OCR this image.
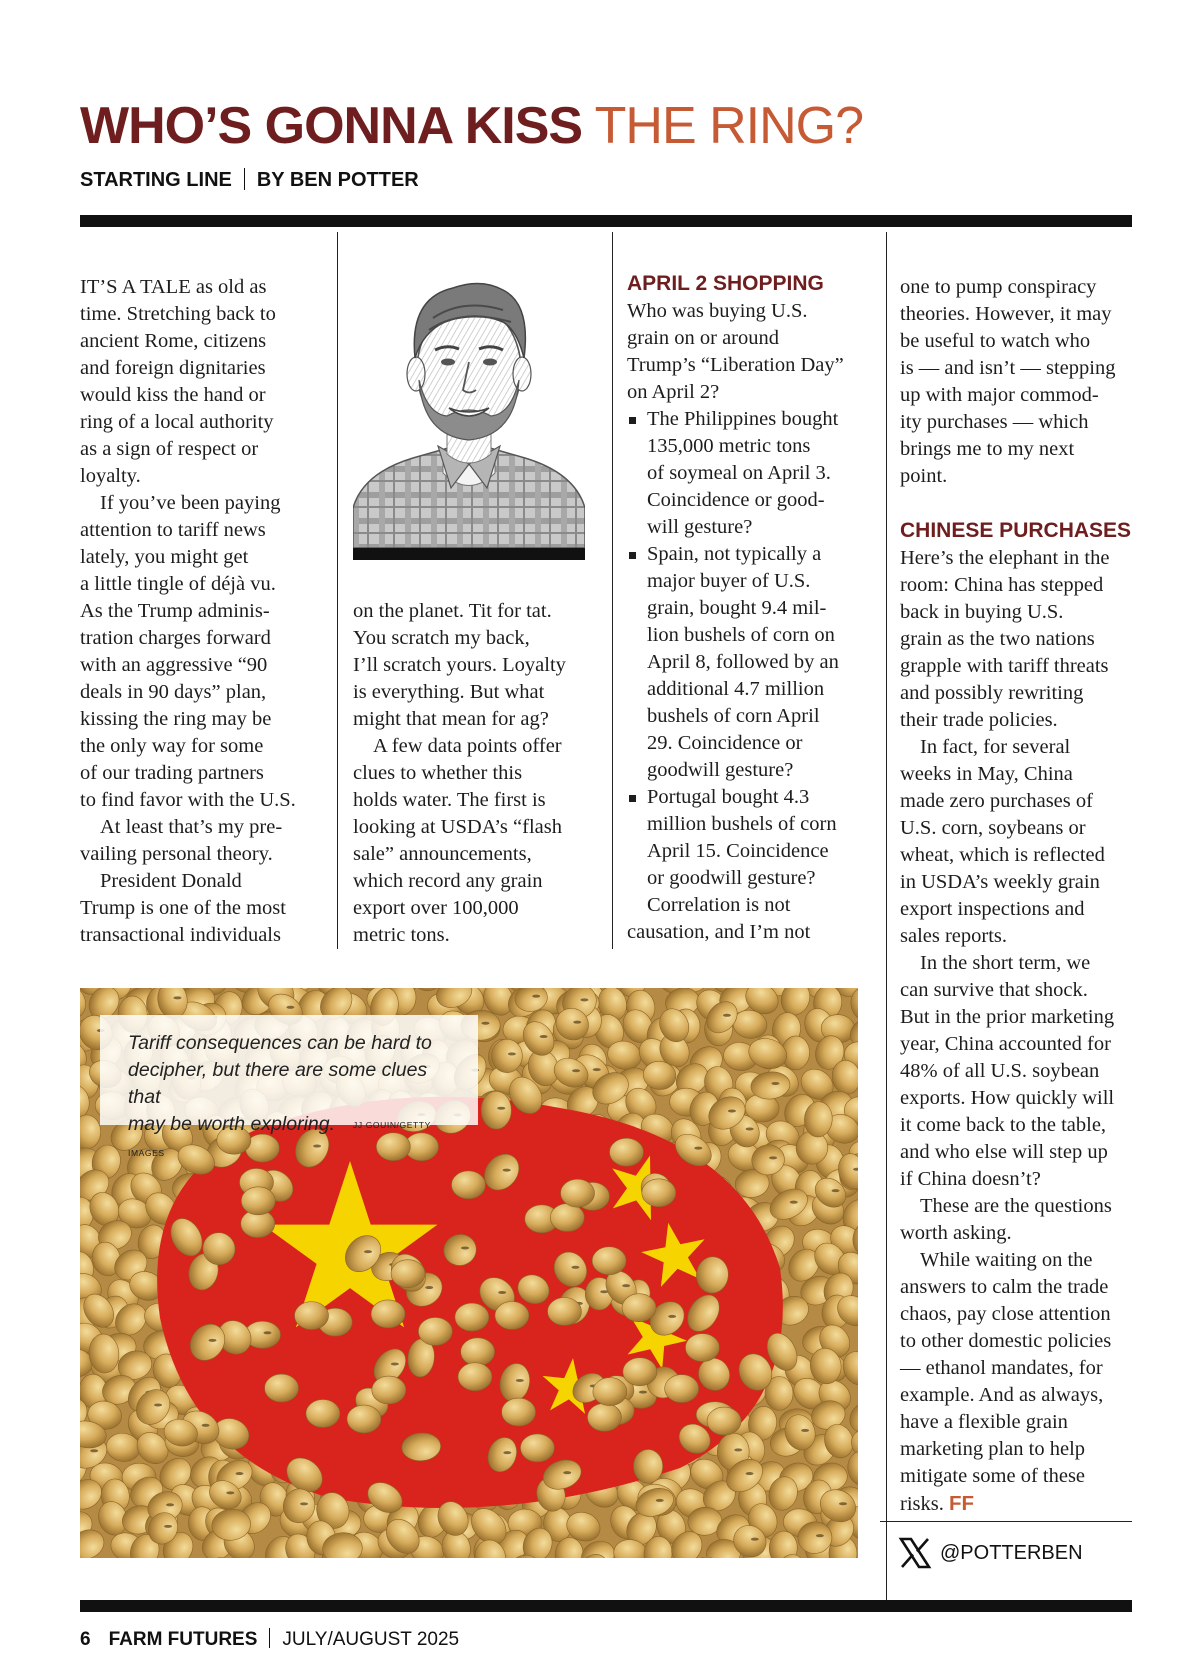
WHO’S GONNA KISS THE RING?
STARTING LINE BY BEN POTTER

IT’S A TALE as old as
time. Stretching back to
ancient Rome, citizens
and foreign dignitaries
would kiss the hand or
ring of a local authority
as a sign of respect or
loyalty.

If you’ve been paying
attention to tariff news
lately, you might get
a little tingle of déjà vu.
As the Trump adminis-
tration charges forward
with an aggressive “90
deals in 90 days” plan,
kissing the ring may be
the only way for some
of our trading partners
to find favor with the U.S.

At least that’s my pre-
vailing personal theory.

President Donald
Trump is one of the most
transactional individuals

on the planet. Tit for tat.
You scratch my back,
I’ll scratch yours. Loyalty
is everything. But what
might that mean for ag?

A few data points offer
clues to whether this
holds water. The first is
looking at USDA’s “flash
sale” announcements,
which record any grain
export over 100,000
metric tons.

APRIL 2 SHOPPING

Who was buying U.S.
grain on or around
Trump’s “Liberation Day”
on April 2?

The Philippines bought
135,000 metric tons
of soymeal on April 3.
Coincidence or good-
will gesture?
Spain, not typically a
major buyer of U.S.
grain, bought 9.4 mil-
lion bushels of corn on
April 8, followed by an
additional 4.7 million
bushels of corn April
29. Coincidence or
goodwill gesture?
Portugal bought 4.3
million bushels of corn
April 15. Coincidence
or goodwill gesture?

Correlation is not
causation, and I’m not

one to pump conspiracy
theories. However, it may
be useful to watch who
is — and isn’t — stepping
up with major commod-
ity purchases — which
brings me to my next
point.

CHINESE PURCHASES

Here’s the elephant in the
room: China has stepped
back in buying U.S.
grain as the two nations
grapple with tariff threats
and possibly rewriting
their trade policies.

In fact, for several
weeks in May, China
made zero purchases of
U.S. corn, soybeans or
wheat, which is reflected
in USDA’s weekly grain
export inspections and
sales reports.

In the short term, we
can survive that shock.
But in the prior marketing
year, China accounted for
48% of all U.S. soybean
exports. How quickly will
it come back to the table,
and who else will step up
if China doesn’t?

These are the questions
worth asking.

While waiting on the
answers to calm the trade
chaos, pay close attention
to other domestic policies
— ethanol mandates, for
example. And as always,
have a flexible grain
marketing plan to help
mitigate some of these
risks. FF

Tariff consequences can be hard to
decipher, but there are some clues that
may be worth exploring. JJ GOUIN/GETTY IMAGES
@POTTERBEN
6 FARM FUTURES JULY/AUGUST 2025
